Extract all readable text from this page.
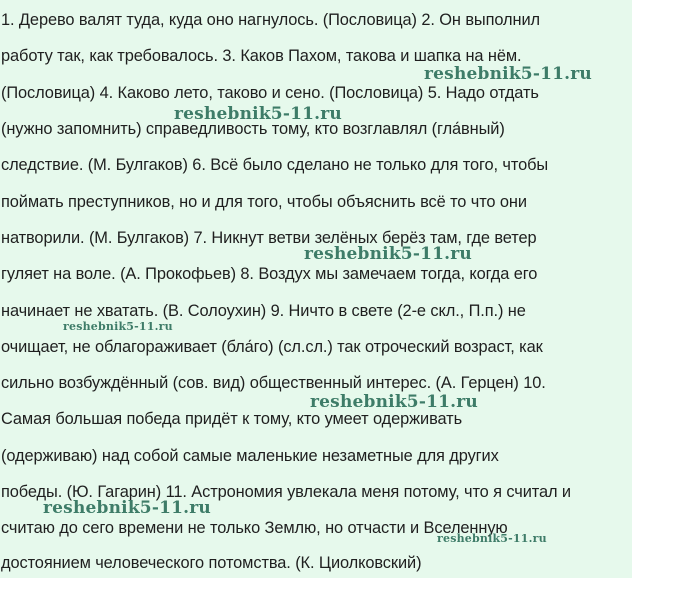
1. Дерево валят туда, куда оно нагнулось. (Пословица) 2. Он выполнил
работу так, как требовалось. 3. Каков Пахом, такова и шапка на нём.
(Пословица) 4. Каково лето, таково и сено. (Пословица) 5. Надо отдать
(нужно запомнить) справедливость тому, кто возглавлял (гла́вный)
следствие. (М. Булгаков) 6. Всё было сделано не только для того, чтобы
поймать преступников, но и для того, чтобы объяснить всё то что они
натворили. (М. Булгаков) 7. Никнут ветви зелёных берёз там, где ветер
гуляет на воле. (А. Прокофьев) 8. Воздух мы замечаем тогда, когда его
начинает не хватать. (В. Солоухин) 9. Ничто в свете (2-е скл., П.п.) не
очищает, не облагораживает (бла́го) (сл.сл.) так отроческий возраст, как
сильно возбуждённый (сов. вид) общественный интерес. (А. Герцен) 10.
Самая большая победа придёт к тому, кто умеет одерживать
(одерживаю) над собой самые маленькие незаметные для других
победы. (Ю. Гагарин) 11. Астрономия увлекала меня потому, что я считал и
считаю до сего времени не только Землю, но отчасти и Вселенную
достоянием человеческого потомства. (К. Циолковский)
reshebnik5-11.ru
reshebnik5-11.ru
reshebnik5-11.ru
reshebnik5-11.ru
reshebnik5-11.ru
reshebnik5-11.ru
reshebnik5-11.ru
